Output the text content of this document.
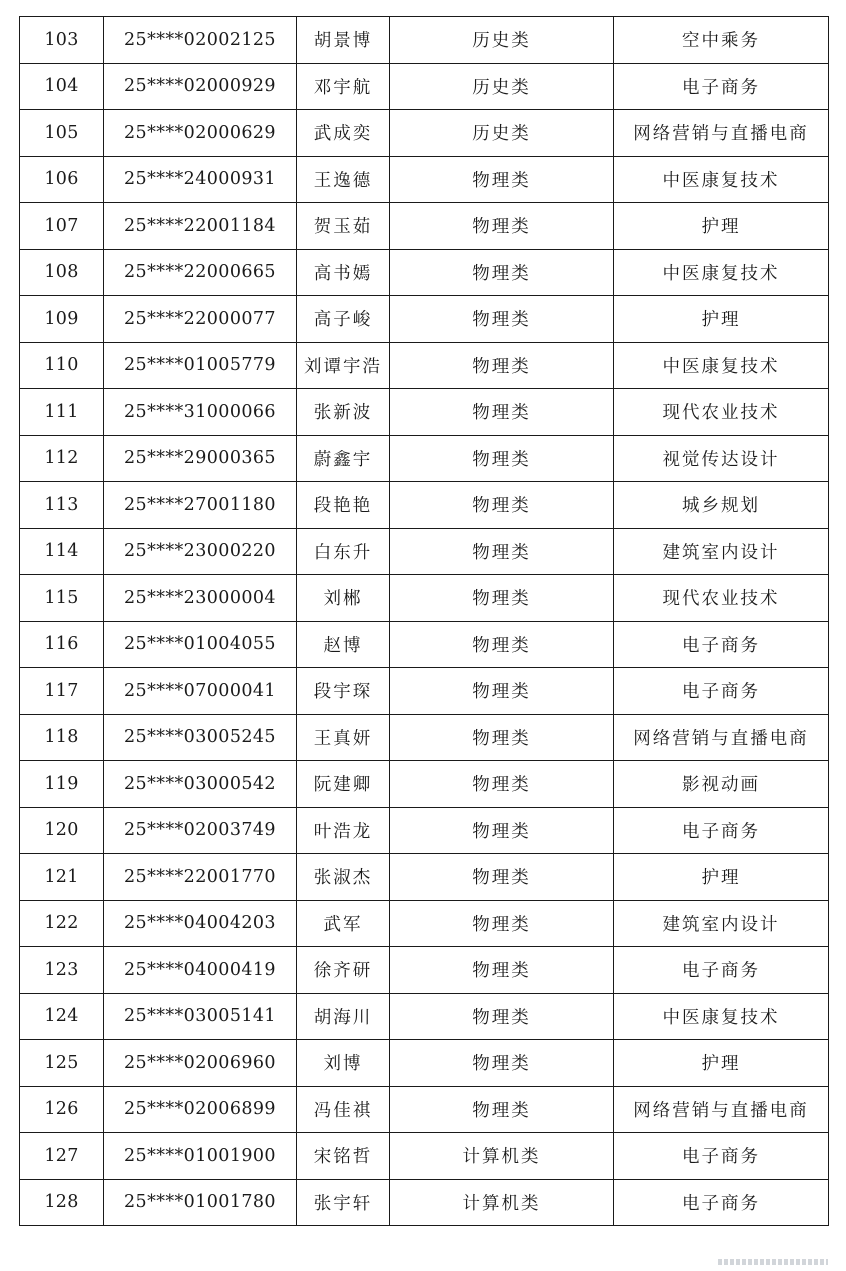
103	25****02002125	胡景博	历史类	空中乘务
104	25****02000929	邓宇航	历史类	电子商务
105	25****02000629	武成奕	历史类	网络营销与直播电商
106	25****24000931	王逸德	物理类	中医康复技术
107	25****22001184	贺玉茹	物理类	护理
108	25****22000665	高书嫣	物理类	中医康复技术
109	25****22000077	高子峻	物理类	护理
110	25****01005779	刘谭宇浩	物理类	中医康复技术
111	25****31000066	张新波	物理类	现代农业技术
112	25****29000365	蔚鑫宇	物理类	视觉传达设计
113	25****27001180	段艳艳	物理类	城乡规划
114	25****23000220	白东升	物理类	建筑室内设计
115	25****23000004	刘郴	物理类	现代农业技术
116	25****01004055	赵博	物理类	电子商务
117	25****07000041	段宇琛	物理类	电子商务
118	25****03005245	王真妍	物理类	网络营销与直播电商
119	25****03000542	阮建卿	物理类	影视动画
120	25****02003749	叶浩龙	物理类	电子商务
121	25****22001770	张淑杰	物理类	护理
122	25****04004203	武军	物理类	建筑室内设计
123	25****04000419	徐齐研	物理类	电子商务
124	25****03005141	胡海川	物理类	中医康复技术
125	25****02006960	刘博	物理类	护理
126	25****02006899	冯佳祺	物理类	网络营销与直播电商
127	25****01001900	宋铭哲	计算机类	电子商务
128	25****01001780	张宇轩	计算机类	电子商务
